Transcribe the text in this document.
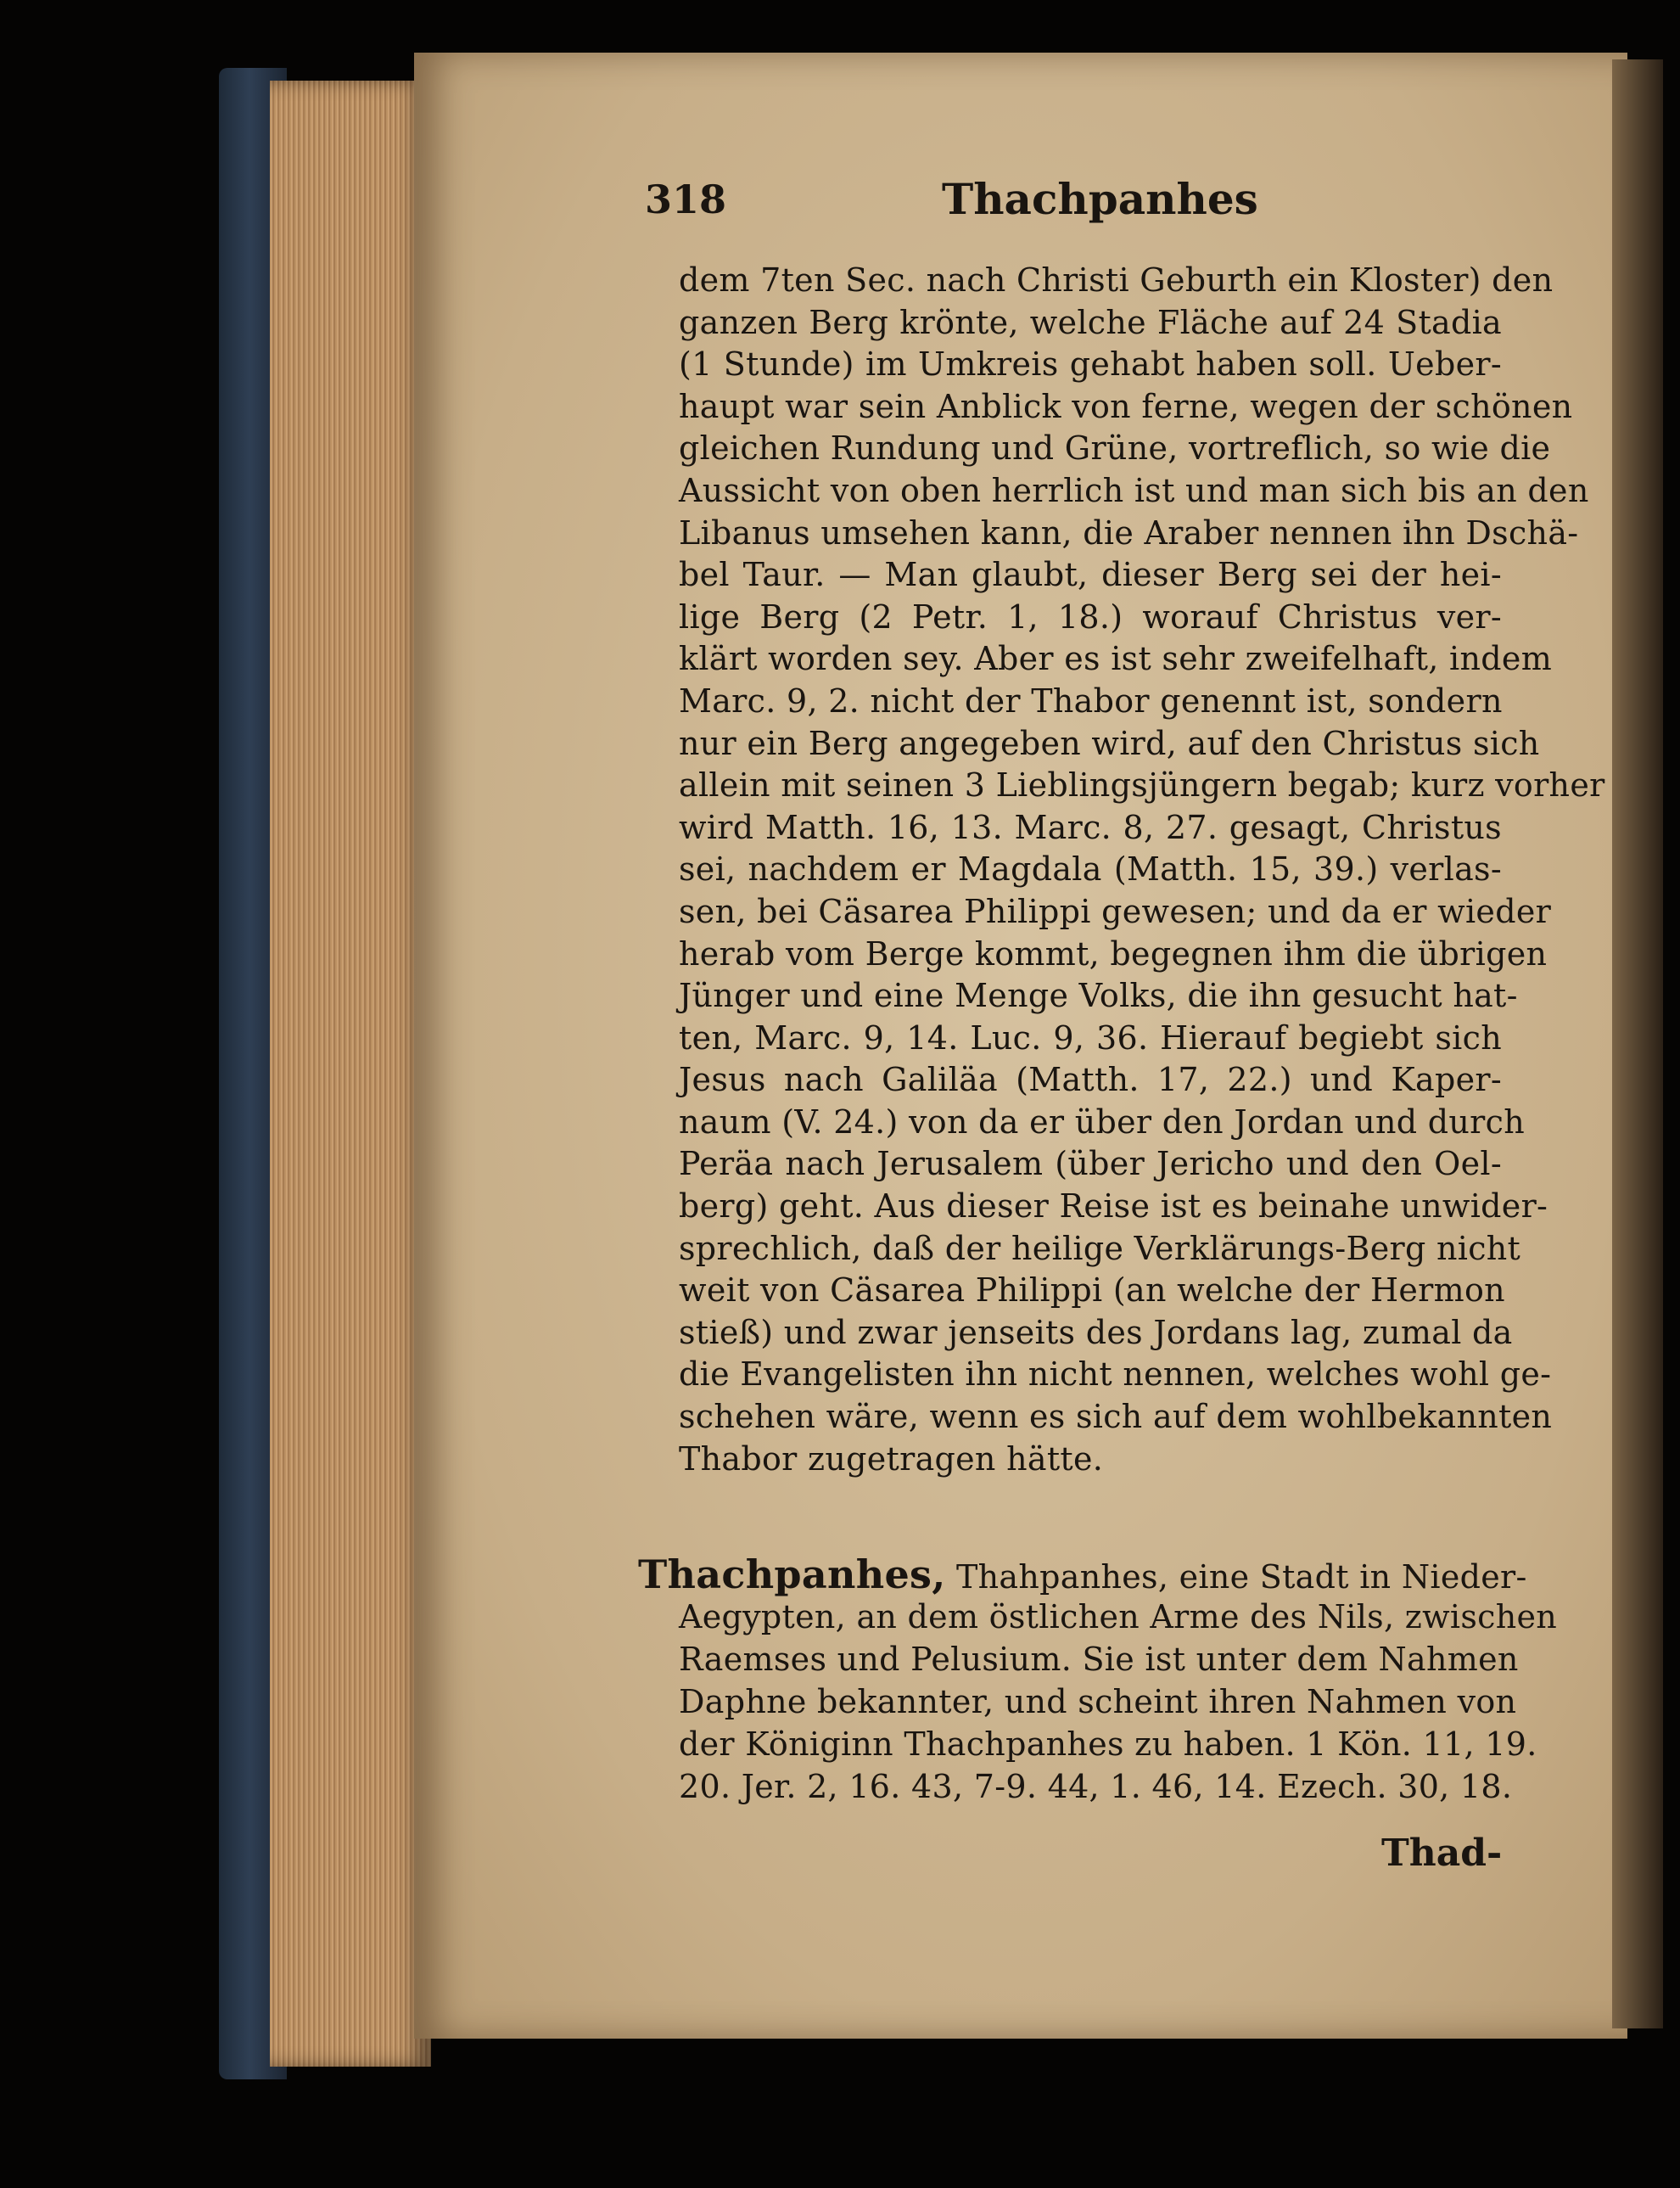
318	Thachpanhes
dem 7ten Sec. nach Christi Geburth ein Kloster) den
ganzen Berg krönte, welche Fläche auf 24 Stadia
(1 Stunde) im Umkreis gehabt haben soll. Ueber-
haupt war sein Anblick von ferne, wegen der schönen
gleichen Rundung und Grüne, vortreflich, so wie die
Aussicht von oben herrlich ist und man sich bis an den
Libanus umsehen kann, die Araber nennen ihn Dschä-
bel Taur. — Man glaubt, dieser Berg sei der hei-
lige Berg (2 Petr. 1, 18.) worauf Christus ver-
klärt worden sey. Aber es ist sehr zweifelhaft, indem
Marc. 9, 2. nicht der Thabor genennt ist, sondern
nur ein Berg angegeben wird, auf den Christus sich
allein mit seinen 3 Lieblingsjüngern begab; kurz vorher
wird Matth. 16, 13. Marc. 8, 27. gesagt, Christus
sei, nachdem er Magdala (Matth. 15, 39.) verlas-
sen, bei Cäsarea Philippi gewesen; und da er wieder
herab vom Berge kommt, begegnen ihm die übrigen
Jünger und eine Menge Volks, die ihn gesucht hat-
ten, Marc. 9, 14. Luc. 9, 36. Hierauf begiebt sich
Jesus nach Galiläa (Matth. 17, 22.) und Kaper-
naum (V. 24.) von da er über den Jordan und durch
Peräa nach Jerusalem (über Jericho und den Oel-
berg) geht. Aus dieser Reise ist es beinahe unwider-
sprechlich, daß der heilige Verklärungs-Berg nicht
weit von Cäsarea Philippi (an welche der Hermon
stieß) und zwar jenseits des Jordans lag, zumal da
die Evangelisten ihn nicht nennen, welches wohl ge-
schehen wäre, wenn es sich auf dem wohlbekannten
Thabor zugetragen hätte.
Thachpanhes, Thahpanhes, eine Stadt in Nieder-
Aegypten, an dem östlichen Arme des Nils, zwischen
Raemses und Pelusium. Sie ist unter dem Nahmen
Daphne bekannter, und scheint ihren Nahmen von
der Königinn Thachpanhes zu haben. 1 Kön. 11, 19.
20. Jer. 2, 16. 43, 7-9. 44, 1. 46, 14. Ezech. 30, 18.
Thad-
